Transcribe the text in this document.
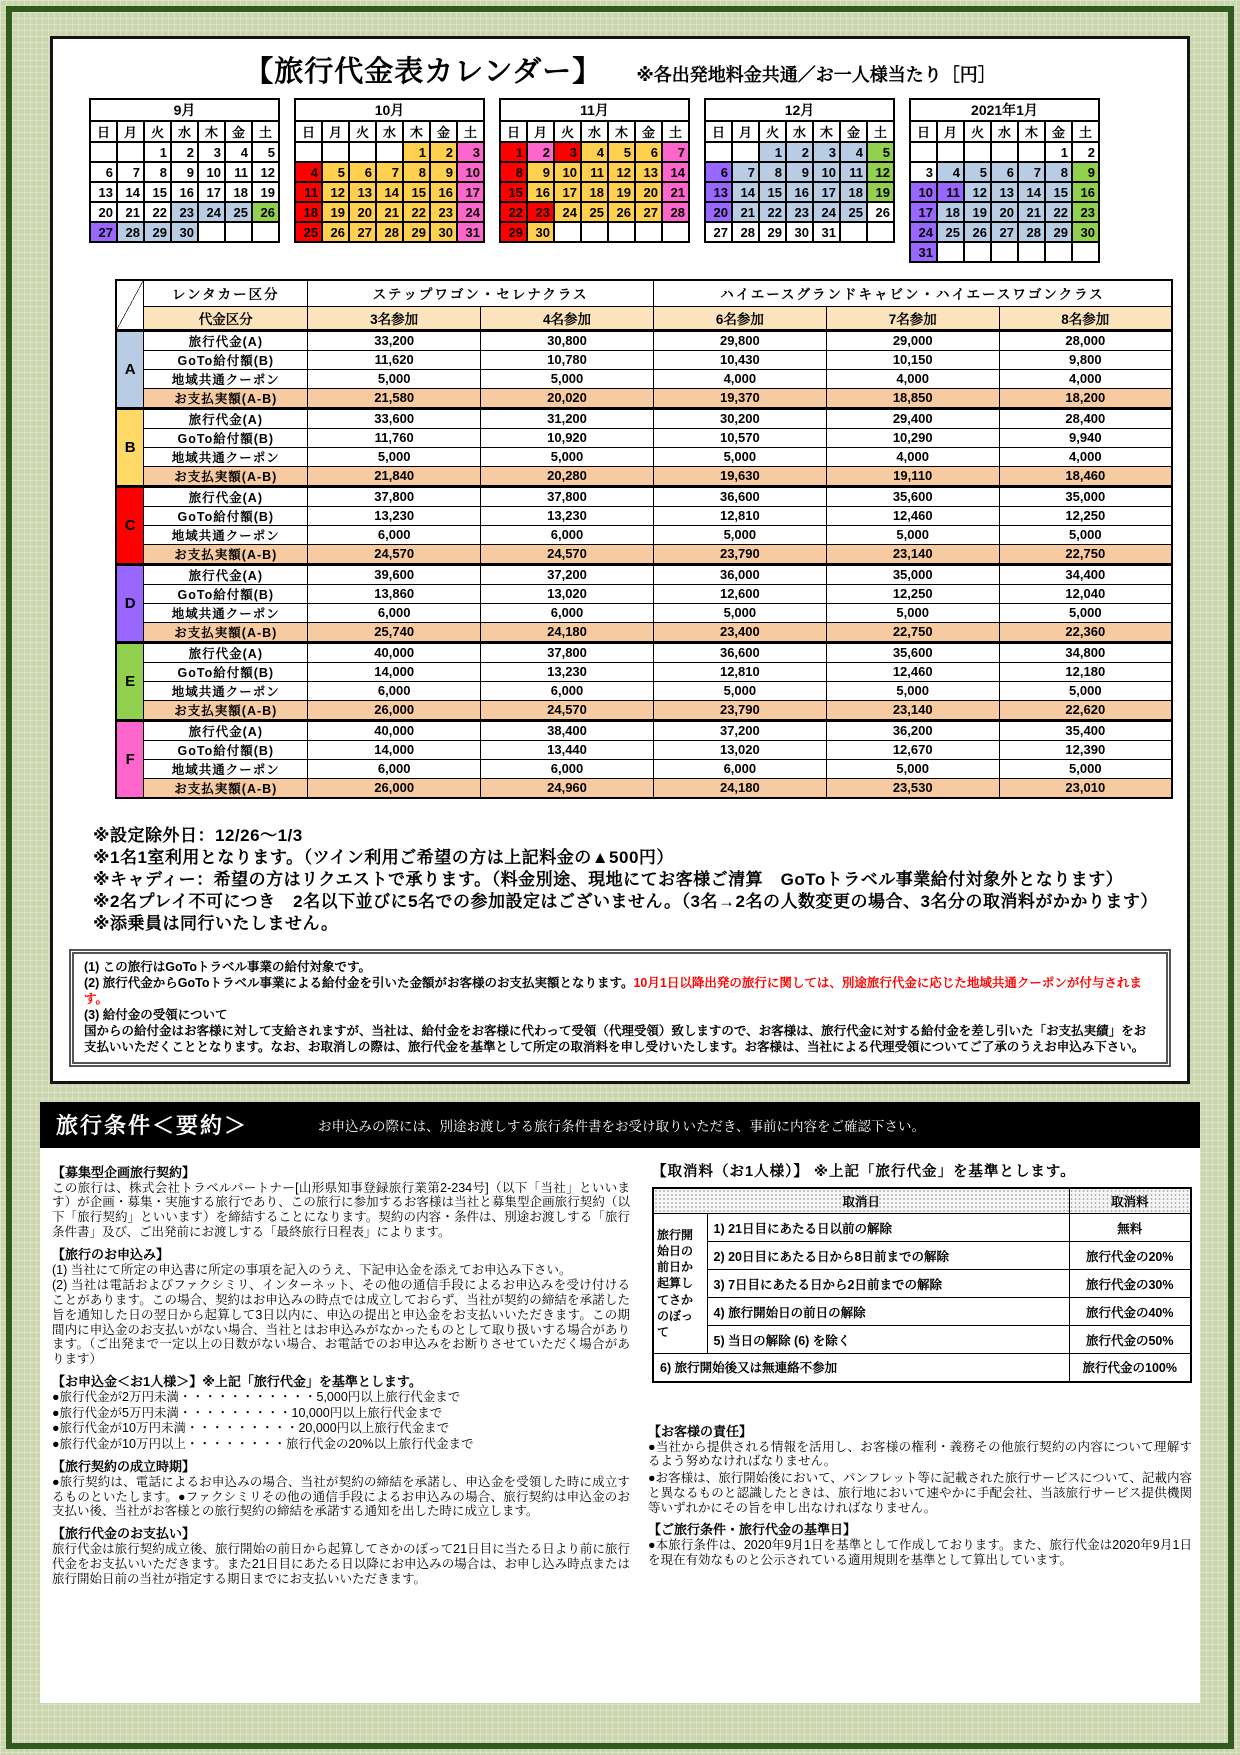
【旅行代金表カレンダー】 ※各出発地料金共通／お一人様当たり［円］
9月						
日	月	火	水	木	金	土
		1	2	3	4	5
6	7	8	9	10	11	12
13	14	15	16	17	18	19
20	21	22	23	24	25	26
27	28	29	30			
10月						
日	月	火	水	木	金	土
				1	2	3
4	5	6	7	8	9	10
11	12	13	14	15	16	17
18	19	20	21	22	23	24
25	26	27	28	29	30	31
11月						
日	月	火	水	木	金	土
1	2	3	4	5	6	7
8	9	10	11	12	13	14
15	16	17	18	19	20	21
22	23	24	25	26	27	28
29	30					
12月						
日	月	火	水	木	金	土
		1	2	3	4	5
6	7	8	9	10	11	12
13	14	15	16	17	18	19
20	21	22	23	24	25	26
27	28	29	30	31		
2021年1月						
日	月	火	水	木	金	土
					1	2
3	4	5	6	7	8	9
10	11	12	13	14	15	16
17	18	19	20	21	22	23
24	25	26	27	28	29	30
31						
	レンタカー区分	ステップワゴン・セレナクラス		ハイエースグランドキャビン・ハイエースワゴンクラス		
	代金区分	3名参加	4名参加	6名参加	7名参加	8名参加
A	旅行代金(A)	33,200	30,800	29,800	29,000	28,000
	GoTo給付額(B)	11,620	10,780	10,430	10,150	9,800
	地域共通クーポン	5,000	5,000	4,000	4,000	4,000
	お支払実額(A-B)	21,580	20,020	19,370	18,850	18,200
B	旅行代金(A)	33,600	31,200	30,200	29,400	28,400
	GoTo給付額(B)	11,760	10,920	10,570	10,290	9,940
	地域共通クーポン	5,000	5,000	5,000	4,000	4,000
	お支払実額(A-B)	21,840	20,280	19,630	19,110	18,460
C	旅行代金(A)	37,800	37,800	36,600	35,600	35,000
	GoTo給付額(B)	13,230	13,230	12,810	12,460	12,250
	地域共通クーポン	6,000	6,000	5,000	5,000	5,000
	お支払実額(A-B)	24,570	24,570	23,790	23,140	22,750
D	旅行代金(A)	39,600	37,200	36,000	35,000	34,400
	GoTo給付額(B)	13,860	13,020	12,600	12,250	12,040
	地域共通クーポン	6,000	6,000	5,000	5,000	5,000
	お支払実額(A-B)	25,740	24,180	23,400	22,750	22,360
E	旅行代金(A)	40,000	37,800	36,600	35,600	34,800
	GoTo給付額(B)	14,000	13,230	12,810	12,460	12,180
	地域共通クーポン	6,000	6,000	5,000	5,000	5,000
	お支払実額(A-B)	26,000	24,570	23,790	23,140	22,620
F	旅行代金(A)	40,000	38,400	37,200	36,200	35,400
	GoTo給付額(B)	14,000	13,440	13,020	12,670	12,390
	地域共通クーポン	6,000	6,000	6,000	5,000	5,000
	お支払実額(A-B)	26,000	24,960	24,180	23,530	23,010
※設定除外日：12/26～1/3
※1名1室利用となります。（ツイン利用ご希望の方は上記料金の▲500円）
※キャディー：希望の方はリクエストで承ります。（料金別途、現地にてお客様ご清算　GoToトラベル事業給付対象外となります）
※2名プレイ不可につき　2名以下並びに5名での参加設定はございません。（3名→2名の人数変更の場合、3名分の取消料がかかります）
※添乗員は同行いたしません。

(1) この旅行はGoToトラベル事業の給付対象です。

(2) 旅行代金からGoToトラベル事業による給付金を引いた金額がお客様のお支払実額となります。10月1日以降出発の旅行に関しては、別途旅行代金に応じた地域共通クーポンが付与されます。

(3) 給付金の受領について

国からの給付金はお客様に対して支給されますが、当社は、給付金をお客様に代わって受領（代理受領）致しますので、お客様は、旅行代金に対する給付金を差し引いた「お支払実績」をお支払いいただくこととなります。なお、お取消しの際は、旅行代金を基準として所定の取消料を申し受けいたします。お客様は、当社による代理受領についてご了承のうえお申込み下さい。

旅行条件＜要約＞	お申込みの際には、別途お渡しする旅行条件書をお受け取りいただき、事前に内容をご確認下さい。
【募集型企画旅行契約】

この旅行は、株式会社トラベルパートナー[山形県知事登録旅行業第2-234号]（以下「当社」といいます）が企画・募集・実施する旅行であり、この旅行に参加するお客様は当社と募集型企画旅行契約（以下「旅行契約」といいます）を締結することになります。契約の内容・条件は、別途お渡しする「旅行条件書」及び、ご出発前にお渡しする「最終旅行日程表」によります。

【旅行のお申込み】

(1) 当社にて所定の申込書に所定の事項を記入のうえ、下記申込金を添えてお申込み下さい。

(2) 当社は電話およびファクシミリ、インターネット、その他の通信手段によるお申込みを受け付けることがあります。この場合、契約はお申込みの時点では成立しておらず、当社が契約の締結を承諾した旨を通知した日の翌日から起算して3日以内に、申込の提出と申込金をお支払いいただきます。この期間内に申込金のお支払いがない場合、当社とはお申込みがなかったものとして取り扱いする場合があります。（ご出発まで一定以上の日数がない場合、お電話でのお申込みをお断りさせていただく場合があります）

【お申込金＜お1人様＞】※上記「旅行代金」を基準とします。

●旅行代金が2万円未満・・・・・・・・・・・5,000円以上旅行代金まで

●旅行代金が5万円未満・・・・・・・・・10,000円以上旅行代金まで

●旅行代金が10万円未満・・・・・・・・・20,000円以上旅行代金まで

●旅行代金が10万円以上・・・・・・・・旅行代金の20%以上旅行代金まで

【旅行契約の成立時期】

●旅行契約は、電話によるお申込みの場合、当社が契約の締結を承諾し、申込金を受領した時に成立するものといたします。●ファクシミリその他の通信手段によるお申込みの場合、旅行契約は申込金のお支払い後、当社がお客様との旅行契約の締結を承諾する通知を出した時に成立します。

【旅行代金のお支払い】

旅行代金は旅行契約成立後、旅行開始の前日から起算してさかのぼって21日目に当たる日より前に旅行代金をお支払いいただきます。また21日目にあたる日以降にお申込みの場合は、お申し込み時点または旅行開始日前の当社が指定する期日までにお支払いいただきます。

【取消料（お1人様）】 ※上記「旅行代金」を基準とします。
取消日		取消料
旅行開始日の前日か起算してさかのぼって	1) 21日目にあたる日以前の解除	無料
	2) 20日目にあたる日から8日前までの解除	旅行代金の20%
	3) 7日目にあたる日から2日前までの解除	旅行代金の30%
	4) 旅行開始日の前日の解除	旅行代金の40%
	5) 当日の解除 (6) を除く	旅行代金の50%
6) 旅行開始後又は無連絡不参加		旅行代金の100%
【お客様の責任】

●当社から提供される情報を活用し、お客様の権利・義務その他旅行契約の内容について理解するよう努めなければなりません。

●お客様は、旅行開始後において、パンフレット等に記載された旅行サービスについて、記載内容と異なるものと認識したときは、旅行地において速やかに手配会社、当該旅行サービス提供機関等いずれかにその旨を申し出なければなりません。

【ご旅行条件・旅行代金の基準日】

●本旅行条件は、2020年9月1日を基準として作成しております。また、旅行代金は2020年9月1日を現在有効なものと公示されている適用規則を基準として算出しています。
